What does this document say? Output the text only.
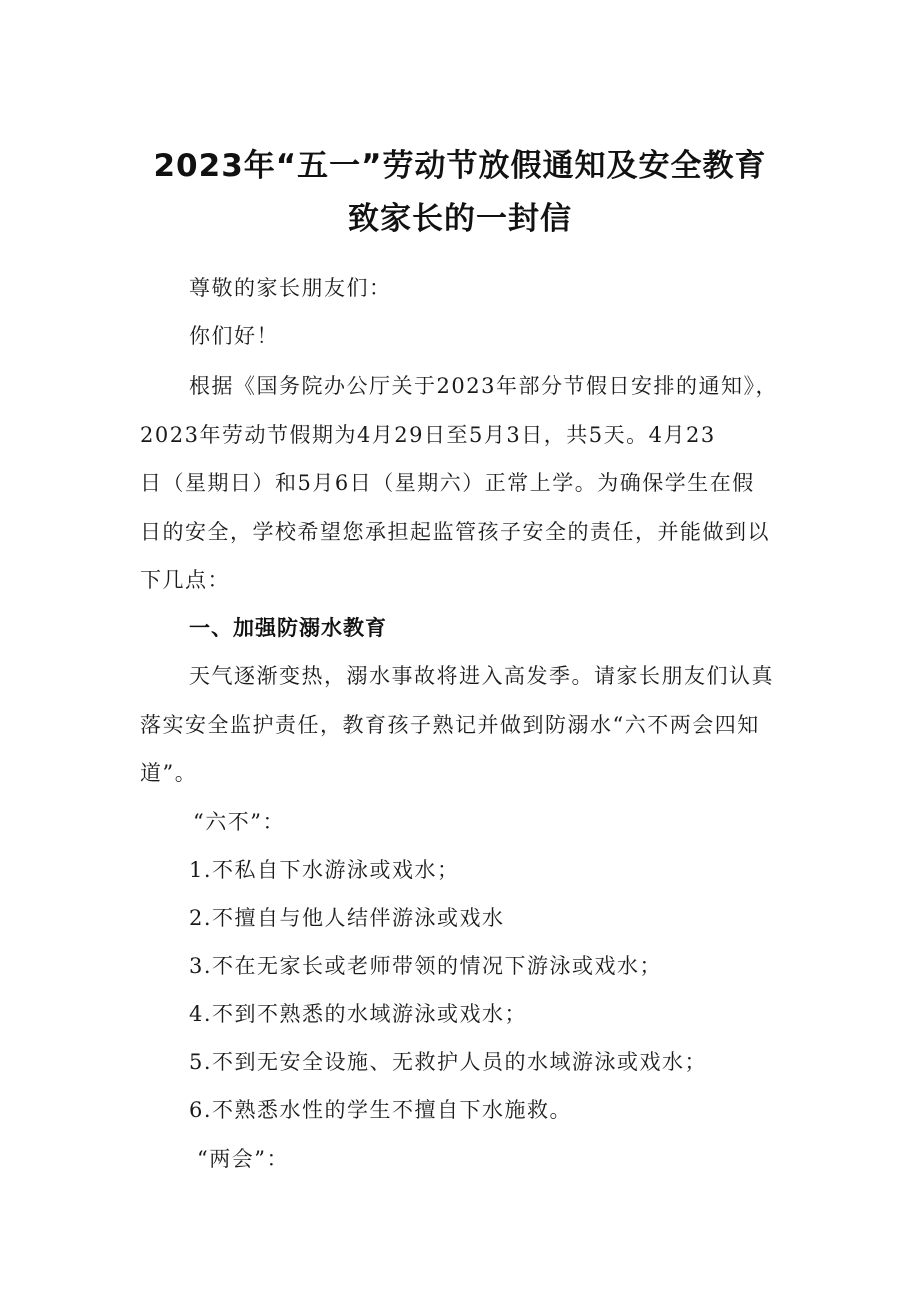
2023年“五一”劳动节放假通知及安全教育
致家长的一封信
尊敬的家长朋友们：
你们好！
根据《国务院办公厅关于2023年部分节假日安排的通知》，
2023年劳动节假期为4月29日至5月3日，共5天。4月23
日（星期日）和5月6日（星期六）正常上学。为确保学生在假
日的安全，学校希望您承担起监管孩子安全的责任，并能做到以
下几点：
一、加强防溺水教育
天气逐渐变热，溺水事故将进入高发季。请家长朋友们认真
落实安全监护责任，教育孩子熟记并做到防溺水“六不两会四知
道”。
“六不”：
1.不私自下水游泳或戏水；
2.不擅自与他人结伴游泳或戏水
3.不在无家长或老师带领的情况下游泳或戏水；
4.不到不熟悉的水域游泳或戏水；
5.不到无安全设施、无救护人员的水域游泳或戏水；
6.不熟悉水性的学生不擅自下水施救。
“两会”：
